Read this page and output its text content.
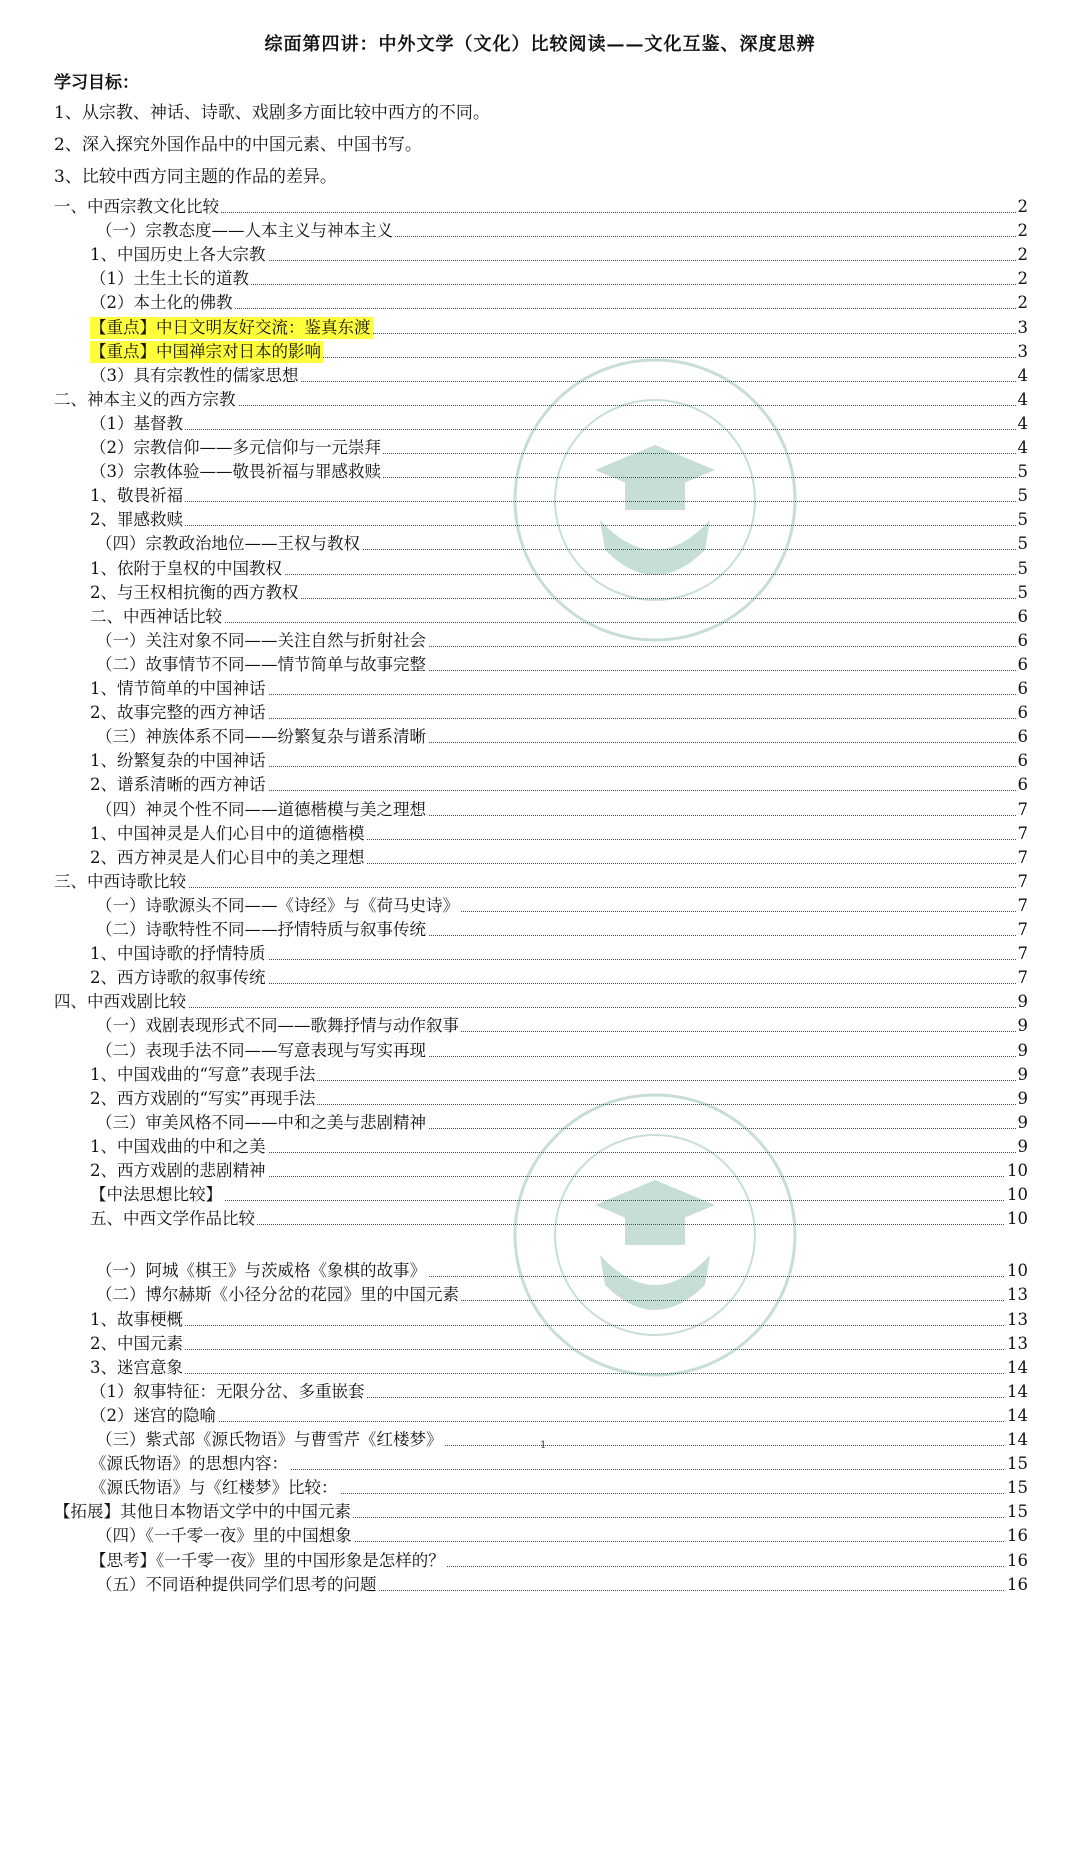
综面第四讲：中外文学（文化）比较阅读——文化互鉴、深度思辨
学习目标：
1、从宗教、神话、诗歌、戏剧多方面比较中西方的不同。
2、深入探究外国作品中的中国元素、中国书写。
3、比较中西方同主题的作品的差异。
一、中西宗教文化比较	2
（一）宗教态度——人本主义与神本主义	2
1、中国历史上各大宗教	2
（1）土生土长的道教	2
（2）本土化的佛教	2
【重点】中日文明友好交流：鉴真东渡	3
【重点】中国禅宗对日本的影响	3
（3）具有宗教性的儒家思想	4
二、神本主义的西方宗教	4
（1）基督教	4
（2）宗教信仰——多元信仰与一元崇拜	4
（3）宗教体验——敬畏祈福与罪感救赎	5
1、敬畏祈福	5
2、罪感救赎	5
（四）宗教政治地位——王权与教权	5
1、依附于皇权的中国教权	5
2、与王权相抗衡的西方教权	5
二、中西神话比较	6
（一）关注对象不同——关注自然与折射社会	6
（二）故事情节不同——情节简单与故事完整	6
1、情节简单的中国神话	6
2、故事完整的西方神话	6
（三）神族体系不同——纷繁复杂与谱系清晰	6
1、纷繁复杂的中国神话	6
2、谱系清晰的西方神话	6
（四）神灵个性不同——道德楷模与美之理想	7
1、中国神灵是人们心目中的道德楷模	7
2、西方神灵是人们心目中的美之理想	7
三、中西诗歌比较	7
（一）诗歌源头不同——《诗经》与《荷马史诗》	7
（二）诗歌特性不同——抒情特质与叙事传统	7
1、中国诗歌的抒情特质	7
2、西方诗歌的叙事传统	7
四、中西戏剧比较	9
（一）戏剧表现形式不同——歌舞抒情与动作叙事	9
（二）表现手法不同——写意表现与写实再现	9
1、中国戏曲的“写意”表现手法	9
2、西方戏剧的“写实”再现手法	9
（三）审美风格不同——中和之美与悲剧精神	9
1、中国戏曲的中和之美	9
2、西方戏剧的悲剧精神	10
【中法思想比较】	10
五、中西文学作品比较	10
（一）阿城《棋王》与茨威格《象棋的故事》	10
（二）博尔赫斯《小径分岔的花园》里的中国元素	13
1、故事梗概	13
2、中国元素	13
3、迷宫意象	14
（1）叙事特征：无限分岔、多重嵌套	14
（2）迷宫的隐喻	14
（三）紫式部《源氏物语》与曹雪芹《红楼梦》	14
《源氏物语》的思想内容：	15
《源氏物语》与《红楼梦》比较：	15
【拓展】其他日本物语文学中的中国元素	15
（四）《一千零一夜》里的中国想象	16
【思考】《一千零一夜》里的中国形象是怎样的？	16
（五）不同语种提供同学们思考的问题	16
1
